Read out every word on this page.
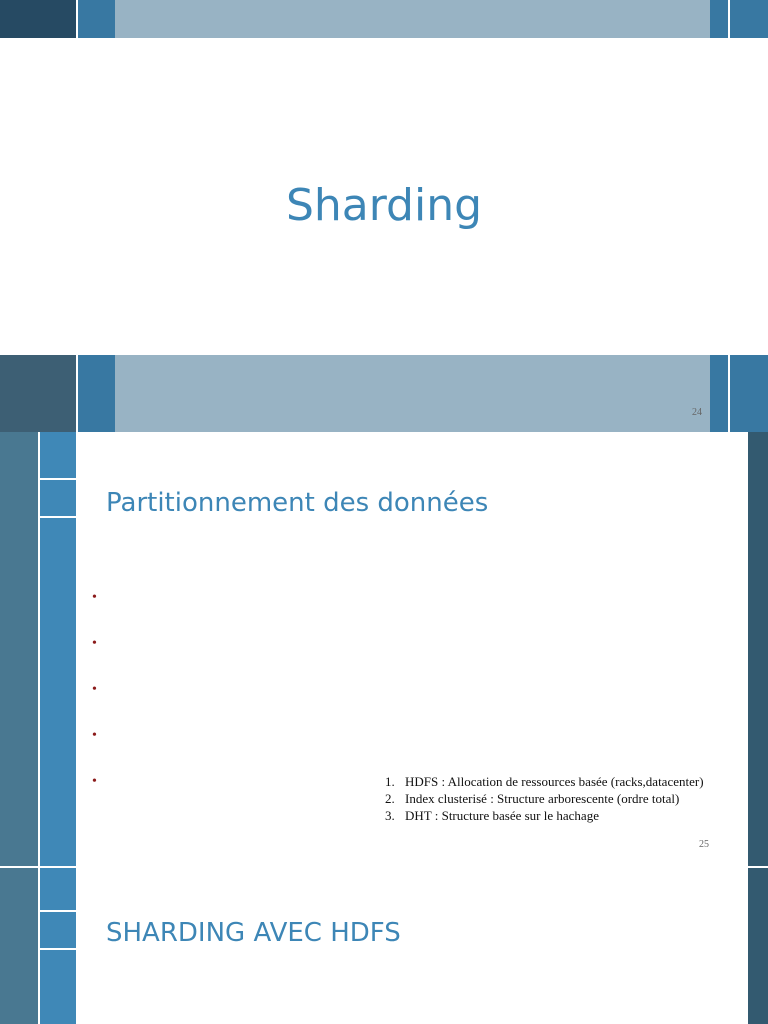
Sharding
24
Partitionnement des données
•
•
•
•
•	1. HDFS : Allocation de ressources basée (racks,datacenter)
2. Index clusterisé : Structure arborescente (ordre total)
3. DHT : Structure basée sur le hachage
25
SHARDING AVEC HDFS
